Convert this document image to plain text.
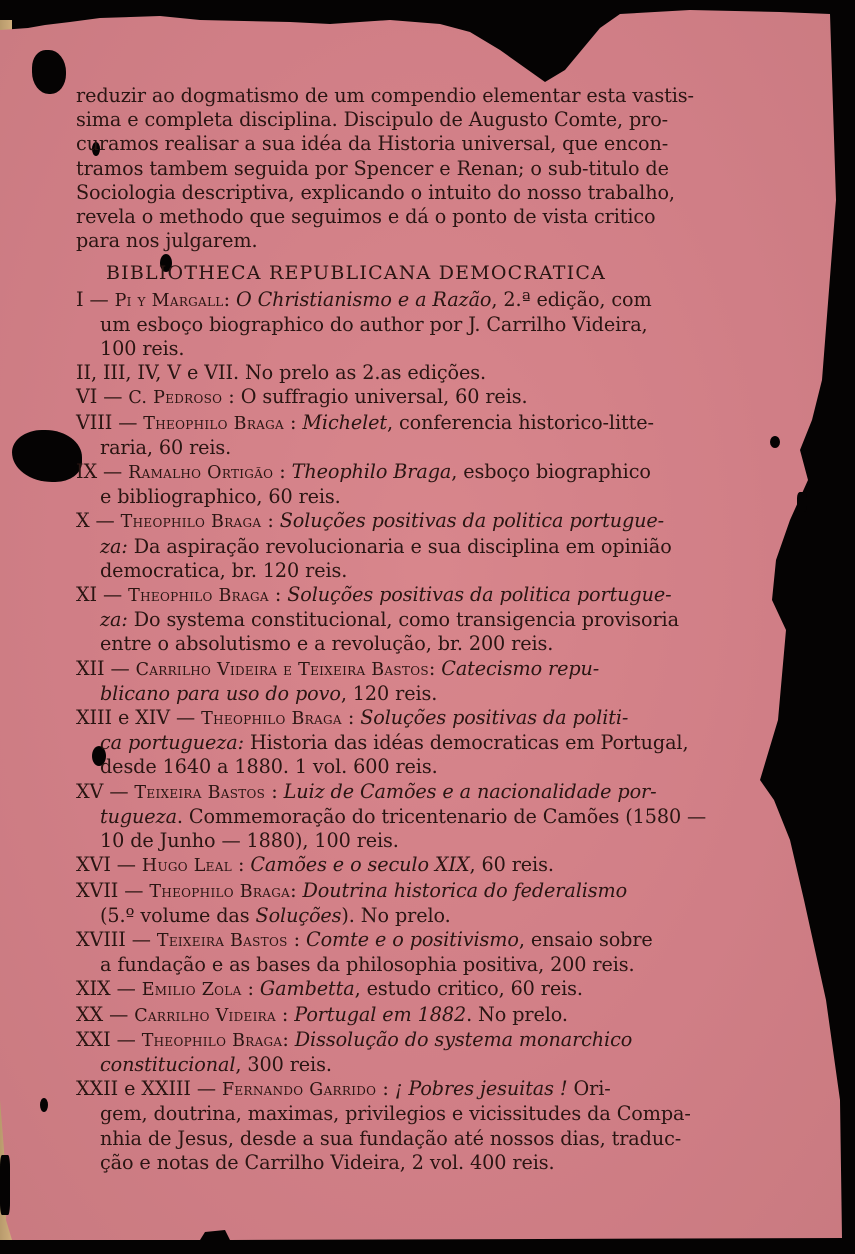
reduzir ao dogmatismo de um compendio elementar esta vastis-
sima e completa disciplina. Discipulo de Augusto Comte, pro-
curamos realisar a sua idéa da Historia universal, que encon-
tramos tambem seguida por Spencer e Renan; o sub-titulo de
Sociologia descriptiva, explicando o intuito do nosso trabalho,
revela o methodo que seguimos e dá o ponto de vista critico
para nos julgarem.
BIBLIOTHECA REPUBLICANA DEMOCRATICA
I — Pi y Margall: O Christianismo e a Razão, 2.ª edição, com
um esboço biographico do author por J. Carrilho Videira,
100 reis.
II, III, IV, V e VII. No prelo as 2.as edições.
VI — C. Pedroso : O suffragio universal, 60 reis.
VIII — Theophilo Braga : Michelet, conferencia historico-litte-
raria, 60 reis.
IX — Ramalho Ortigão : Theophilo Braga, esboço biographico
e bibliographico, 60 reis.
X — Theophilo Braga : Soluções positivas da politica portugue-
za: Da aspiração revolucionaria e sua disciplina em opinião
democratica, br. 120 reis.
XI — Theophilo Braga : Soluções positivas da politica portugue-
za: Do systema constitucional, como transigencia provisoria
entre o absolutismo e a revolução, br. 200 reis.
XII — Carrilho Videira e Teixeira Bastos: Catecismo repu-
blicano para uso do povo, 120 reis.
XIII e XIV — Theophilo Braga : Soluções positivas da politi-
ca portugueza: Historia das idéas democraticas em Portugal,
desde 1640 a 1880. 1 vol. 600 reis.
XV — Teixeira Bastos : Luiz de Camões e a nacionalidade por-
tugueza. Commemoração do tricentenario de Camões (1580 —
10 de Junho — 1880), 100 reis.
XVI — Hugo Leal : Camões e o seculo XIX, 60 reis.
XVII — Theophilo Braga: Doutrina historica do federalismo
(5.º volume das Soluções). No prelo.
XVIII — Teixeira Bastos : Comte e o positivismo, ensaio sobre
a fundação e as bases da philosophia positiva, 200 reis.
XIX — Emilio Zola : Gambetta, estudo critico, 60 reis.
XX — Carrilho Videira : Portugal em 1882. No prelo.
XXI — Theophilo Braga: Dissolução do systema monarchico
constitucional, 300 reis.
XXII e XXIII — Fernando Garrido : ¡ Pobres jesuitas ! Ori-
gem, doutrina, maximas, privilegios e vicissitudes da Compa-
nhia de Jesus, desde a sua fundação até nossos dias, traduc-
ção e notas de Carrilho Videira, 2 vol. 400 reis.
